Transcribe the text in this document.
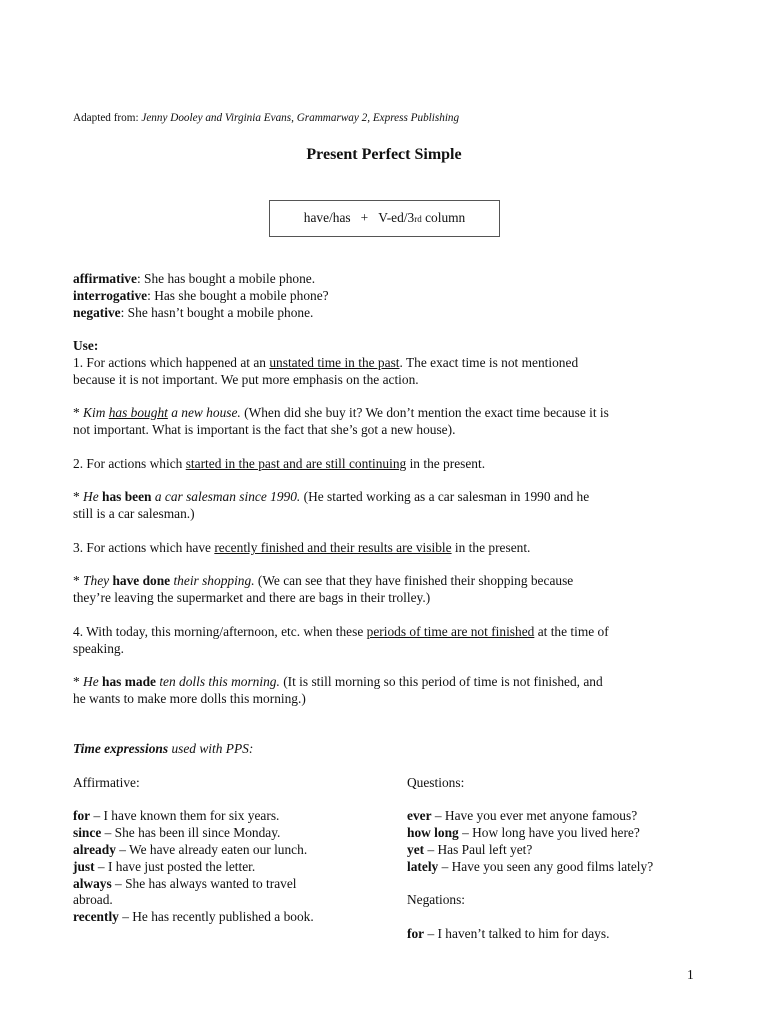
Adapted from: Jenny Dooley and Virginia Evans, Grammarway 2, Express Publishing
Present Perfect Simple
have/has
+
V-ed/3 rd column
affirmative: She has bought a mobile phone.
interrogative: Has she bought a mobile phone?
negative: She hasn’t bought a mobile phone.
Use:
1. For actions which happened at an unstated time in the past. The exact time is not mentioned
because it is not important. We put more emphasis on the action.
* Kim has bought a new house. (When did she buy it? We don’t mention the exact time because it is
not important. What is important is the fact that she’s got a new house).
2. For actions which started in the past and are still continuing in the present.
* He has been a car salesman since 1990. (He started working as a car salesman in 1990 and he
still is a car salesman.)
3. For actions which have recently finished and their results are visible in the present.
* They have done their shopping. (We can see that they have finished their shopping because
they’re leaving the supermarket and there are bags in their trolley.)
4. With today, this morning/afternoon, etc. when these periods of time are not finished at the time of
speaking.
* He has made ten dolls this morning. (It is still morning so this period of time is not finished, and
he wants to make more dolls this morning.)
Time expressions used with PPS:
Affirmative:
for – I have known them for six years.
since – She has been ill since Monday.
already – We have already eaten our lunch.
just – I have just posted the letter.
always – She has always wanted to travel
abroad.
recently – He has recently published a book.
Questions:
ever – Have you ever met anyone famous?
how long – How long have you lived here?
yet – Has Paul left yet?
lately – Have you seen any good films lately?
Negations:
for – I haven’t talked to him for days.
1
